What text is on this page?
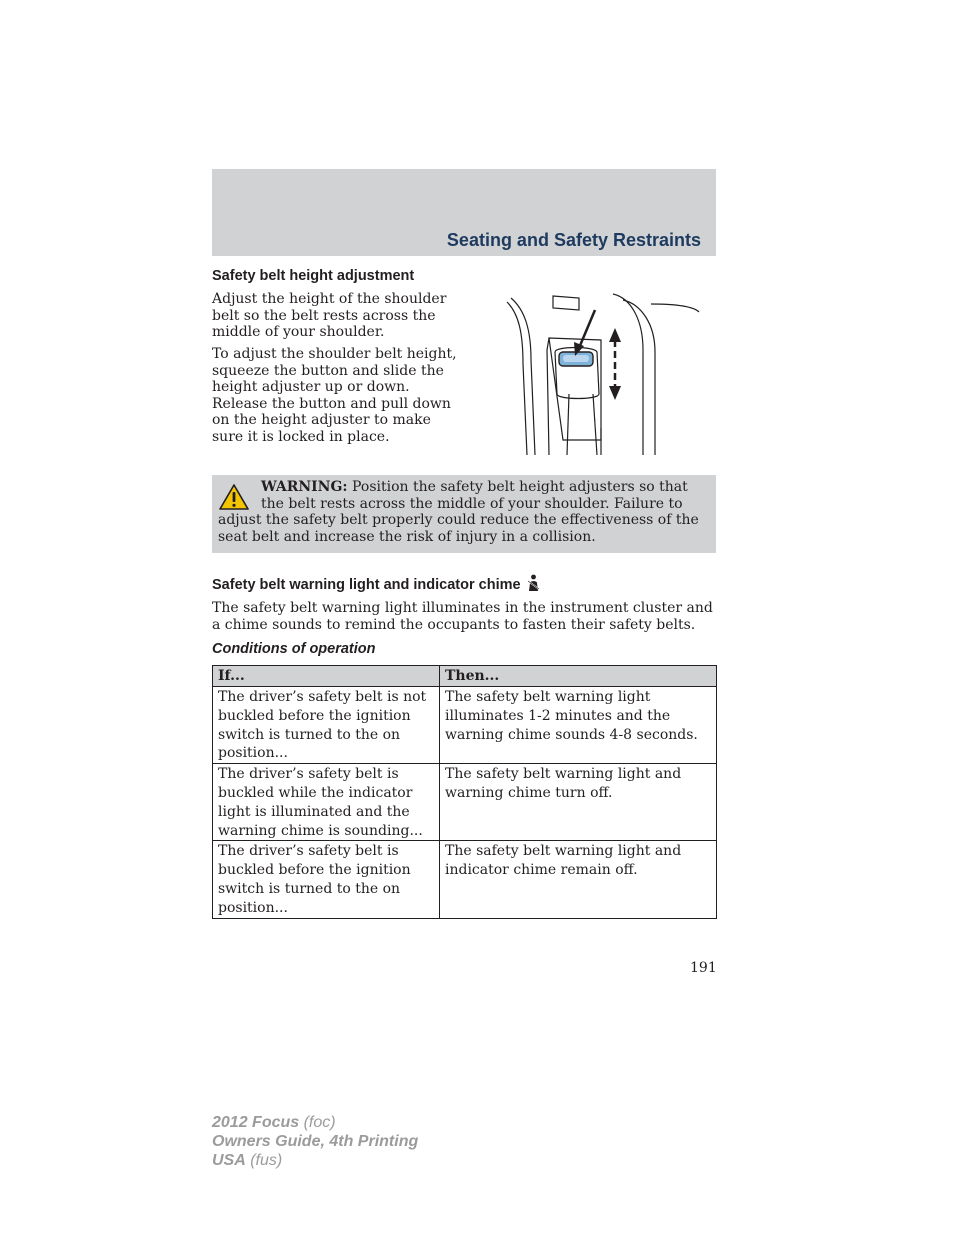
Seating and Safety Restraints
Safety belt height adjustment

Adjust the height of the shoulder belt so the belt rests across the middle of your shoulder.

To adjust the shoulder belt height, squeeze the button and slide the height adjuster up or down. Release the button and pull down on the height adjuster to make sure it is locked in place.

WARNING: Position the safety belt height adjusters so that the belt rests across the middle of your shoulder. Failure to adjust the safety belt properly could reduce the effectiveness of the seat belt and increase the risk of injury in a collision.

Safety belt warning light and indicator chime

The safety belt warning light illuminates in the instrument cluster and a chime sounds to remind the occupants to fasten their safety belts.

Conditions of operation
If...	Then...
The driver’s safety belt is not buckled before the ignition switch is turned to the on position...	The safety belt warning light illuminates 1-2 minutes and the warning chime sounds 4-8 seconds.
The driver’s safety belt is buckled while the indicator light is illuminated and the warning chime is sounding...	The safety belt warning light and warning chime turn off.
The driver’s safety belt is buckled before the ignition switch is turned to the on position...	The safety belt warning light and indicator chime remain off.

191

2012 Focus (foc)
Owners Guide, 4th Printing
USA (fus)
